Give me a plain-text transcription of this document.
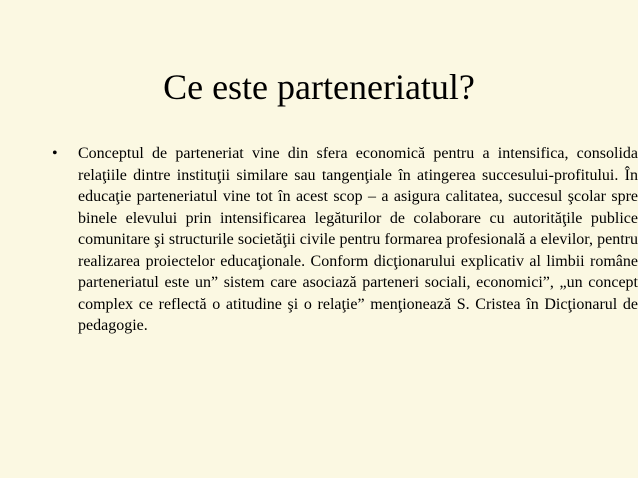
Ce este parteneriatul?
• Conceptul de parteneriat vine din sfera economică pentru a intensifica, consolida relaţiile dintre instituţii similare sau tangenţiale în atingerea succesului-profitului. În educaţie parteneriatul vine tot în acest scop – a asigura calitatea, succesul şcolar spre binele elevului prin intensificarea legăturilor de colaborare cu autorităţile publice comunitare şi structurile societăţii civile pentru formarea profesională a elevilor, pentru realizarea proiectelor educaţionale. Conform dicţionarului explicativ al limbii române parteneriatul este un” sistem care asociază parteneri sociali, economici”, „un concept complex ce reflectă o atitudine şi o relaţie” menţionează S. Cristea în Dicţionarul de pedagogie.
